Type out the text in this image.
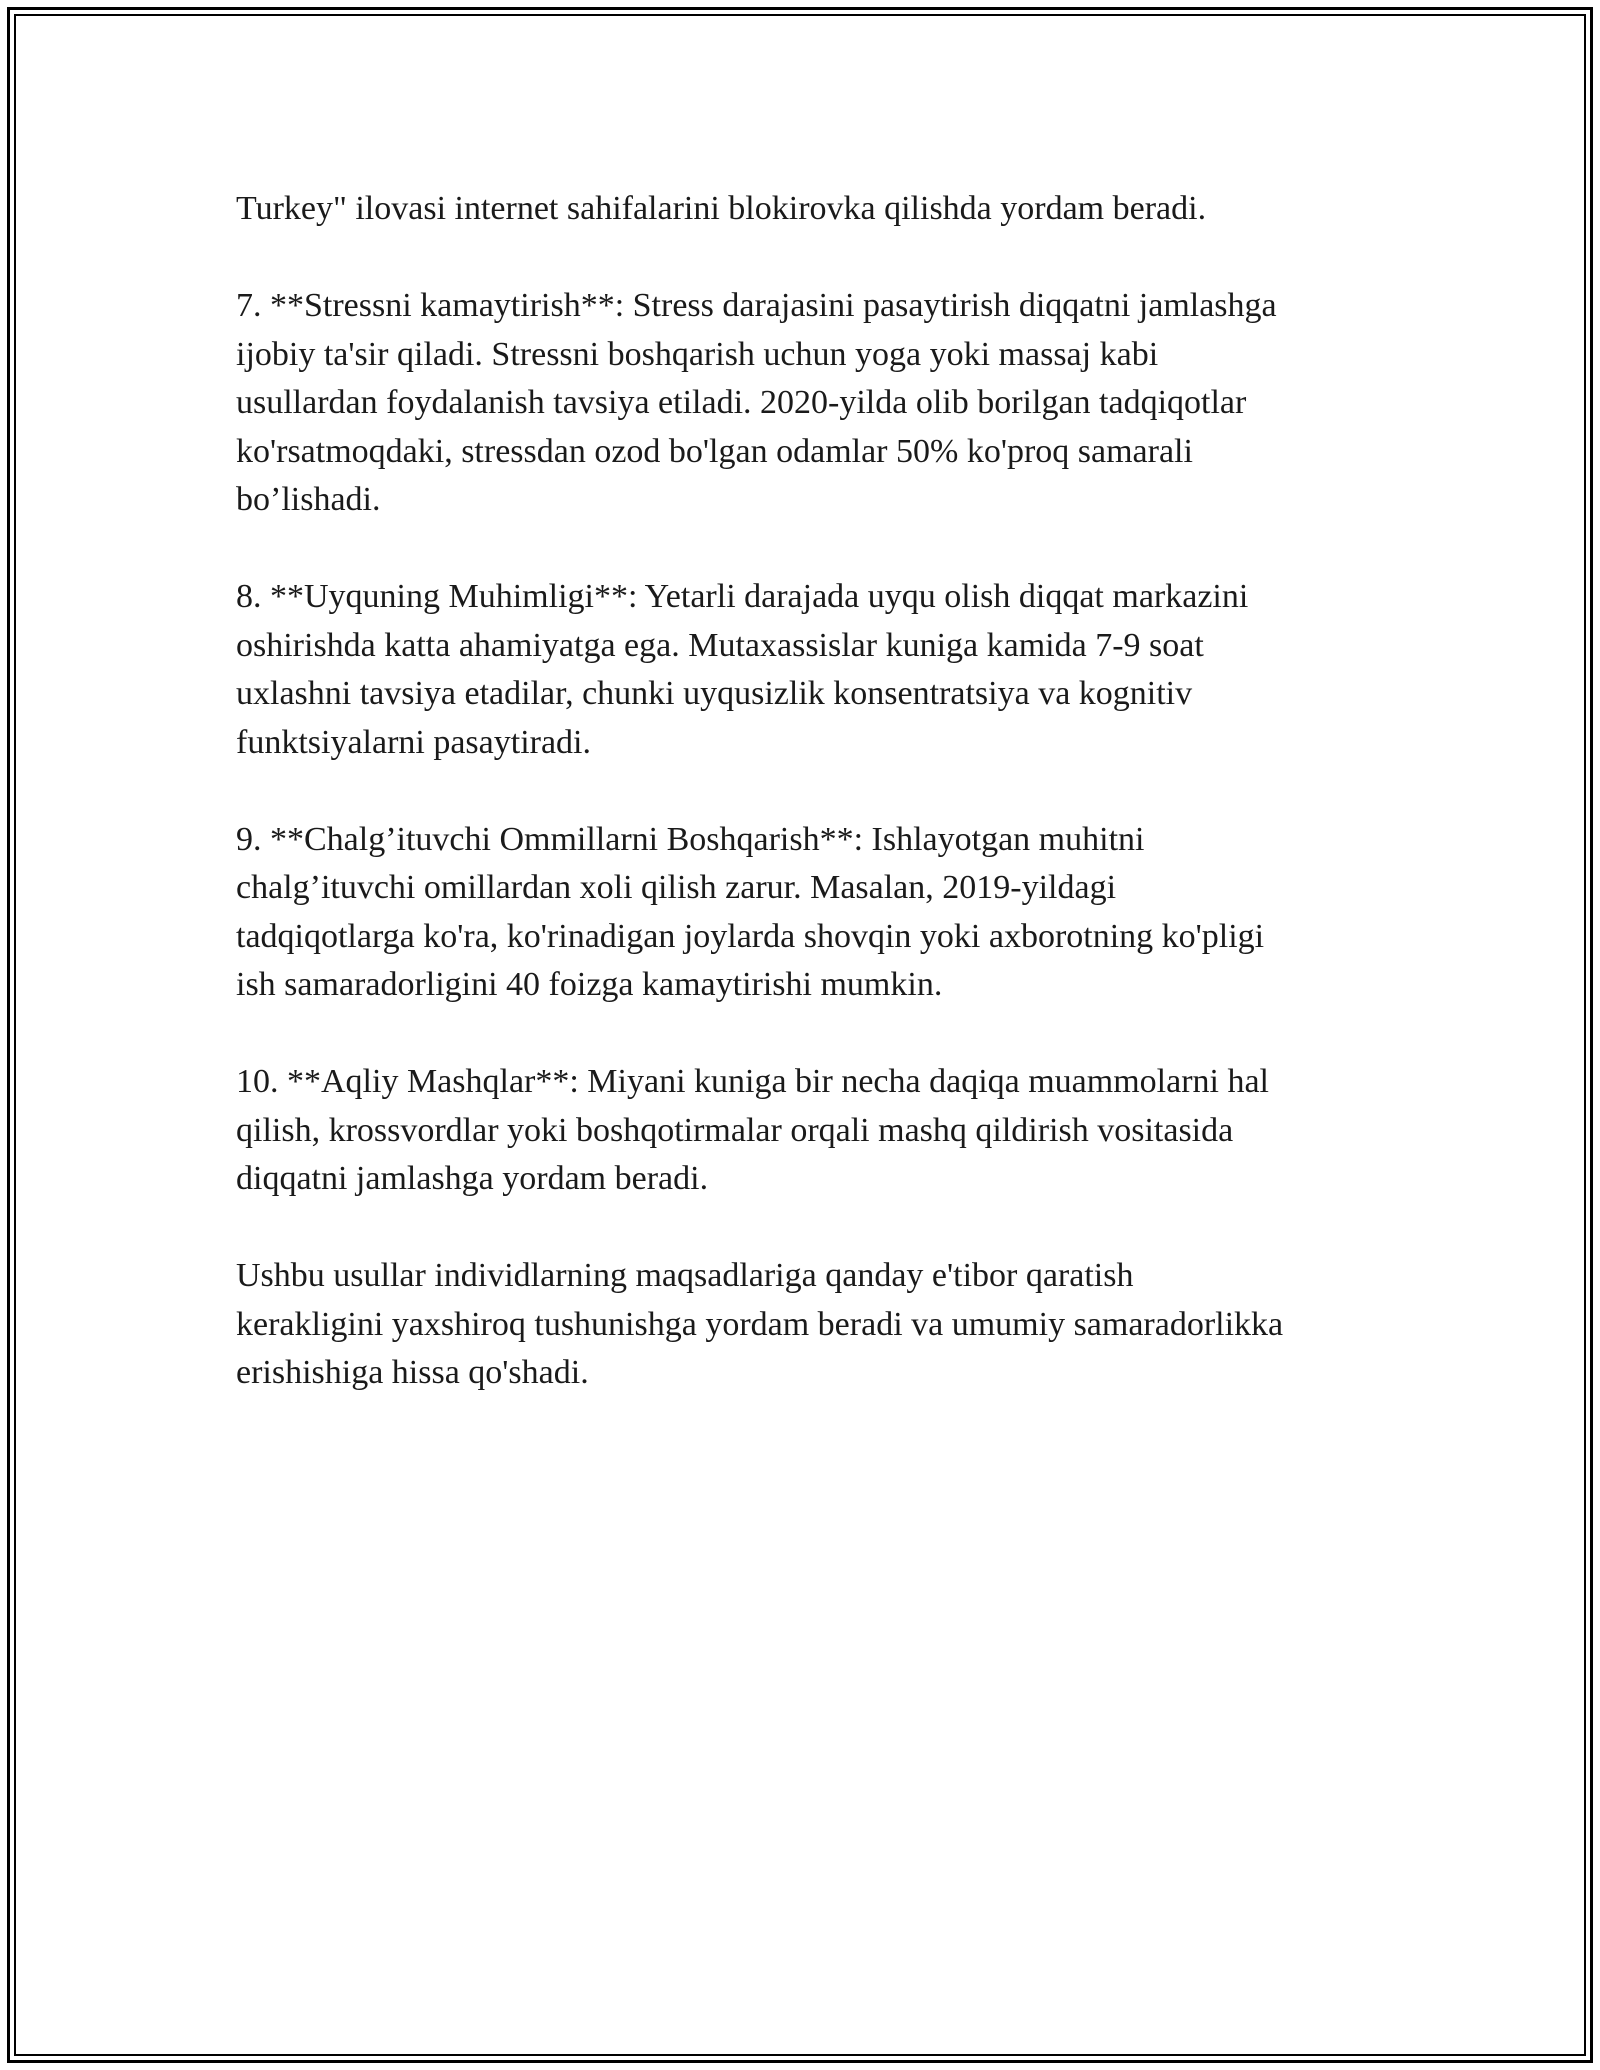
Turkey" ilovasi internet sahifalarini blokirovka qilishda yordam beradi.

7. **Stressni kamaytirish**: Stress darajasini pasaytirish diqqatni jamlashga
ijobiy ta'sir qiladi. Stressni boshqarish uchun yoga yoki massaj kabi
usullardan foydalanish tavsiya etiladi. 2020-yilda olib borilgan tadqiqotlar
ko'rsatmoqdaki, stressdan ozod bo'lgan odamlar 50% ko'proq samarali
bo’lishadi.

8. **Uyquning Muhimligi**: Yetarli darajada uyqu olish diqqat markazini
oshirishda katta ahamiyatga ega. Mutaxassislar kuniga kamida 7-9 soat
uxlashni tavsiya etadilar, chunki uyqusizlik konsentratsiya va kognitiv
funktsiyalarni pasaytiradi.

9. **Chalg’ituvchi Ommillarni Boshqarish**: Ishlayotgan muhitni
chalg’ituvchi omillardan xoli qilish zarur. Masalan, 2019-yildagi
tadqiqotlarga ko'ra, ko'rinadigan joylarda shovqin yoki axborotning ko'pligi
ish samaradorligini 40 foizga kamaytirishi mumkin.

10. **Aqliy Mashqlar**: Miyani kuniga bir necha daqiqa muammolarni hal
qilish, krossvordlar yoki boshqotirmalar orqali mashq qildirish vositasida
diqqatni jamlashga yordam beradi.

Ushbu usullar individlarning maqsadlariga qanday e'tibor qaratish
kerakligini yaxshiroq tushunishga yordam beradi va umumiy samaradorlikka
erishishiga hissa qo'shadi.
